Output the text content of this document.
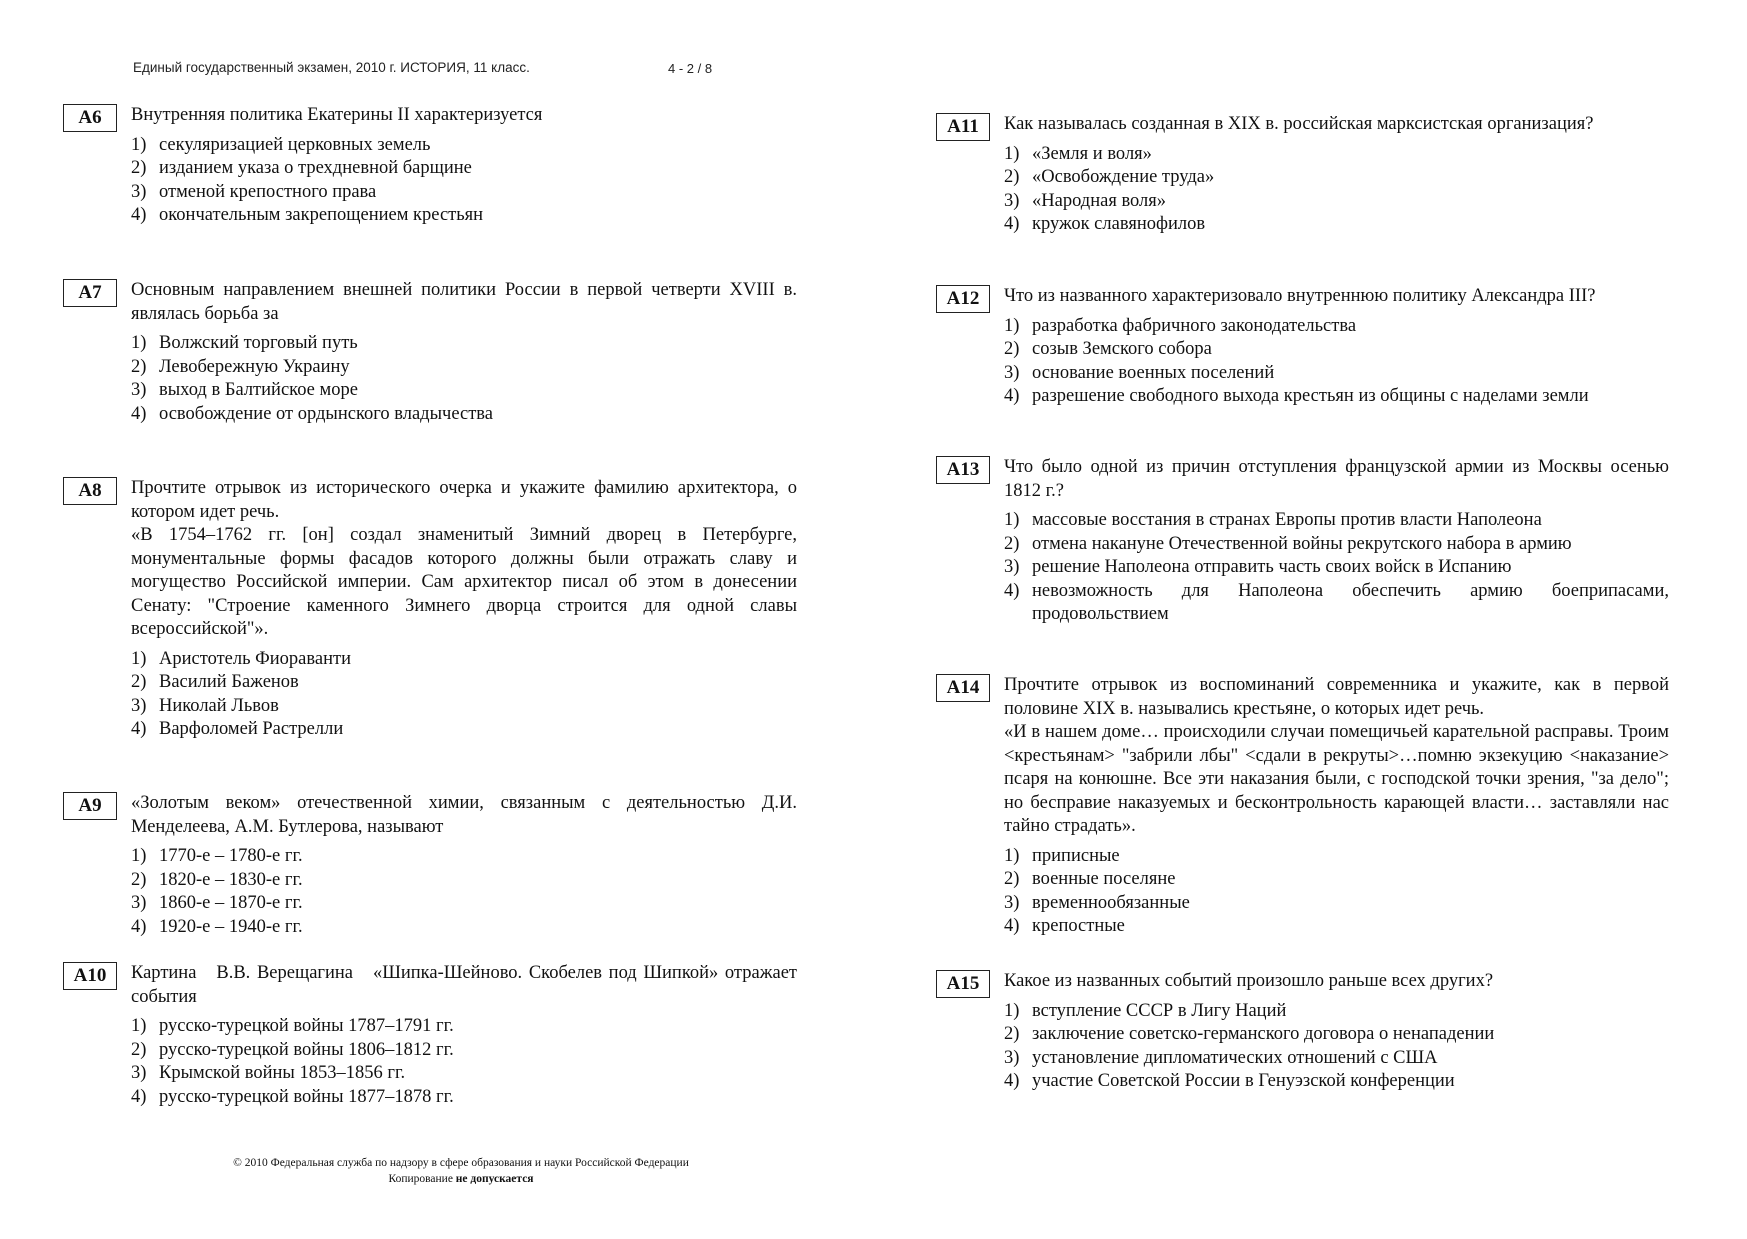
Единый государственный экзамен, 2010 г. ИСТОРИЯ, 11 класс.	4 - 2 / 8
А6	Внутренняя политика Екатерины II характеризуется

1) секуляризацией церковных земель
2) изданием указа о трехдневной барщине
3) отменой крепостного права
4) окончательным закрепощением крестьян
А7	Основным направлением внешней политики России в первой четверти XVIII в. являлась борьба за

1) Волжский торговый путь
2) Левобережную Украину
3) выход в Балтийское море
4) освобождение от ордынского владычества
А8	Прочтите отрывок из исторического очерка и укажите фамилию архитектора, о котором идет речь.

«В 1754–1762 гг. [он] создал знаменитый Зимний дворец в Петербурге, монументальные формы фасадов которого должны были отражать славу и могущество Российской империи. Сам архитектор писал об этом в донесении Сенату: "Строение каменного Зимнего дворца строится для одной славы всероссийской"».

1) Аристотель Фиораванти
2) Василий Баженов
3) Николай Львов
4) Варфоломей Растрелли
А9	«Золотым веком» отечественной химии, связанным с деятельностью Д.И. Менделеева, А.М. Бутлерова, называют

1) 1770-е – 1780-е гг.
2) 1820-е – 1830-е гг.
3) 1860-е – 1870-е гг.
4) 1920-е – 1940-е гг.
А10	Картина   В.В. Верещагина   «Шипка-Шейново. Скобелев под Шипкой» отражает события

1) русско-турецкой войны 1787–1791 гг.
2) русско-турецкой войны 1806–1812 гг.
3) Крымской войны 1853–1856 гг.
4) русско-турецкой войны 1877–1878 гг.
А11	Как называлась созданная в XIX в. российская марксистская организация?

1) «Земля и воля»
2) «Освобождение труда»
3) «Народная воля»
4) кружок славянофилов
А12	Что из названного характеризовало внутреннюю политику Александра III?

1) разработка фабричного законодательства
2) созыв Земского собора
3) основание военных поселений
4) разрешение свободного выхода крестьян из общины с наделами земли
А13	Что было одной из причин отступления французской армии из Москвы осенью 1812 г.?

1) массовые восстания в странах Европы против власти Наполеона
2) отмена накануне Отечественной войны рекрутского набора в армию
3) решение Наполеона отправить часть своих войск в Испанию
4) невозможность для Наполеона обеспечить армию боеприпасами, продовольствием
А14	Прочтите отрывок из воспоминаний современника и укажите, как в первой половине XIX в. назывались крестьяне, о которых идет речь.

«И в нашем доме… происходили случаи помещичьей карательной расправы. Троим <крестьянам> "забрили лбы" <сдали в рекруты>…помню экзекуцию <наказание> псаря на конюшне. Все эти наказания были, с господской точки зрения, "за дело"; но бесправие наказуемых и бесконтрольность карающей власти… заставляли нас тайно страдать».

1) приписные
2) военные поселяне
3) временнообязанные
4) крепостные
А15	Какое из названных событий произошло раньше всех других?

1) вступление СССР в Лигу Наций
2) заключение советско-германского договора о ненападении
3) установление дипломатических отношений с США
4) участие Советской России в Генуэзской конференции
© 2010 Федеральная служба по надзору в сфере образования и науки Российской Федерации
Копирование не допускается
